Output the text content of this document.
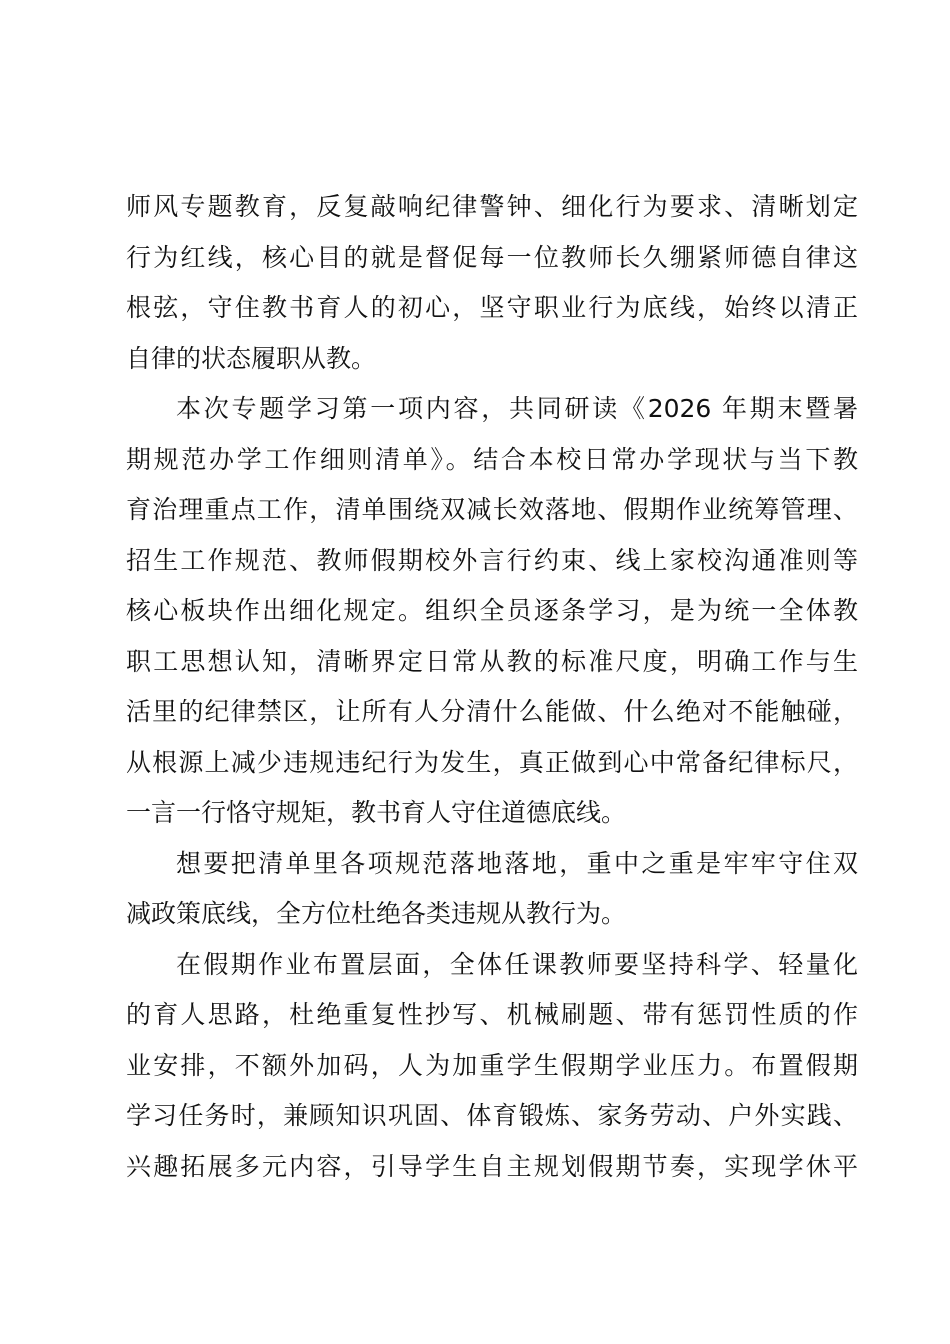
师风专题教育，反复敲响纪律警钟、细化行为要求、清晰划定
行为红线，核心目的就是督促每一位教师长久绷紧师德自律这
根弦，守住教书育人的初心，坚守职业行为底线，始终以清正
自律的状态履职从教。
本次专题学习第一项内容，共同研读《2026 年期末暨暑
期规范办学工作细则清单》。结合本校日常办学现状与当下教
育治理重点工作，清单围绕双减长效落地、假期作业统筹管理、
招生工作规范、教师假期校外言行约束、线上家校沟通准则等
核心板块作出细化规定。组织全员逐条学习，是为统一全体教
职工思想认知，清晰界定日常从教的标准尺度，明确工作与生
活里的纪律禁区，让所有人分清什么能做、什么绝对不能触碰，
从根源上减少违规违纪行为发生，真正做到心中常备纪律标尺，
一言一行恪守规矩，教书育人守住道德底线。
想要把清单里各项规范落地落地，重中之重是牢牢守住双
减政策底线，全方位杜绝各类违规从教行为。
在假期作业布置层面，全体任课教师要坚持科学、轻量化
的育人思路，杜绝重复性抄写、机械刷题、带有惩罚性质的作
业安排，不额外加码，人为加重学生假期学业压力。布置假期
学习任务时，兼顾知识巩固、体育锻炼、家务劳动、户外实践、
兴趣拓展多元内容，引导学生自主规划假期节奏，实现学休平
